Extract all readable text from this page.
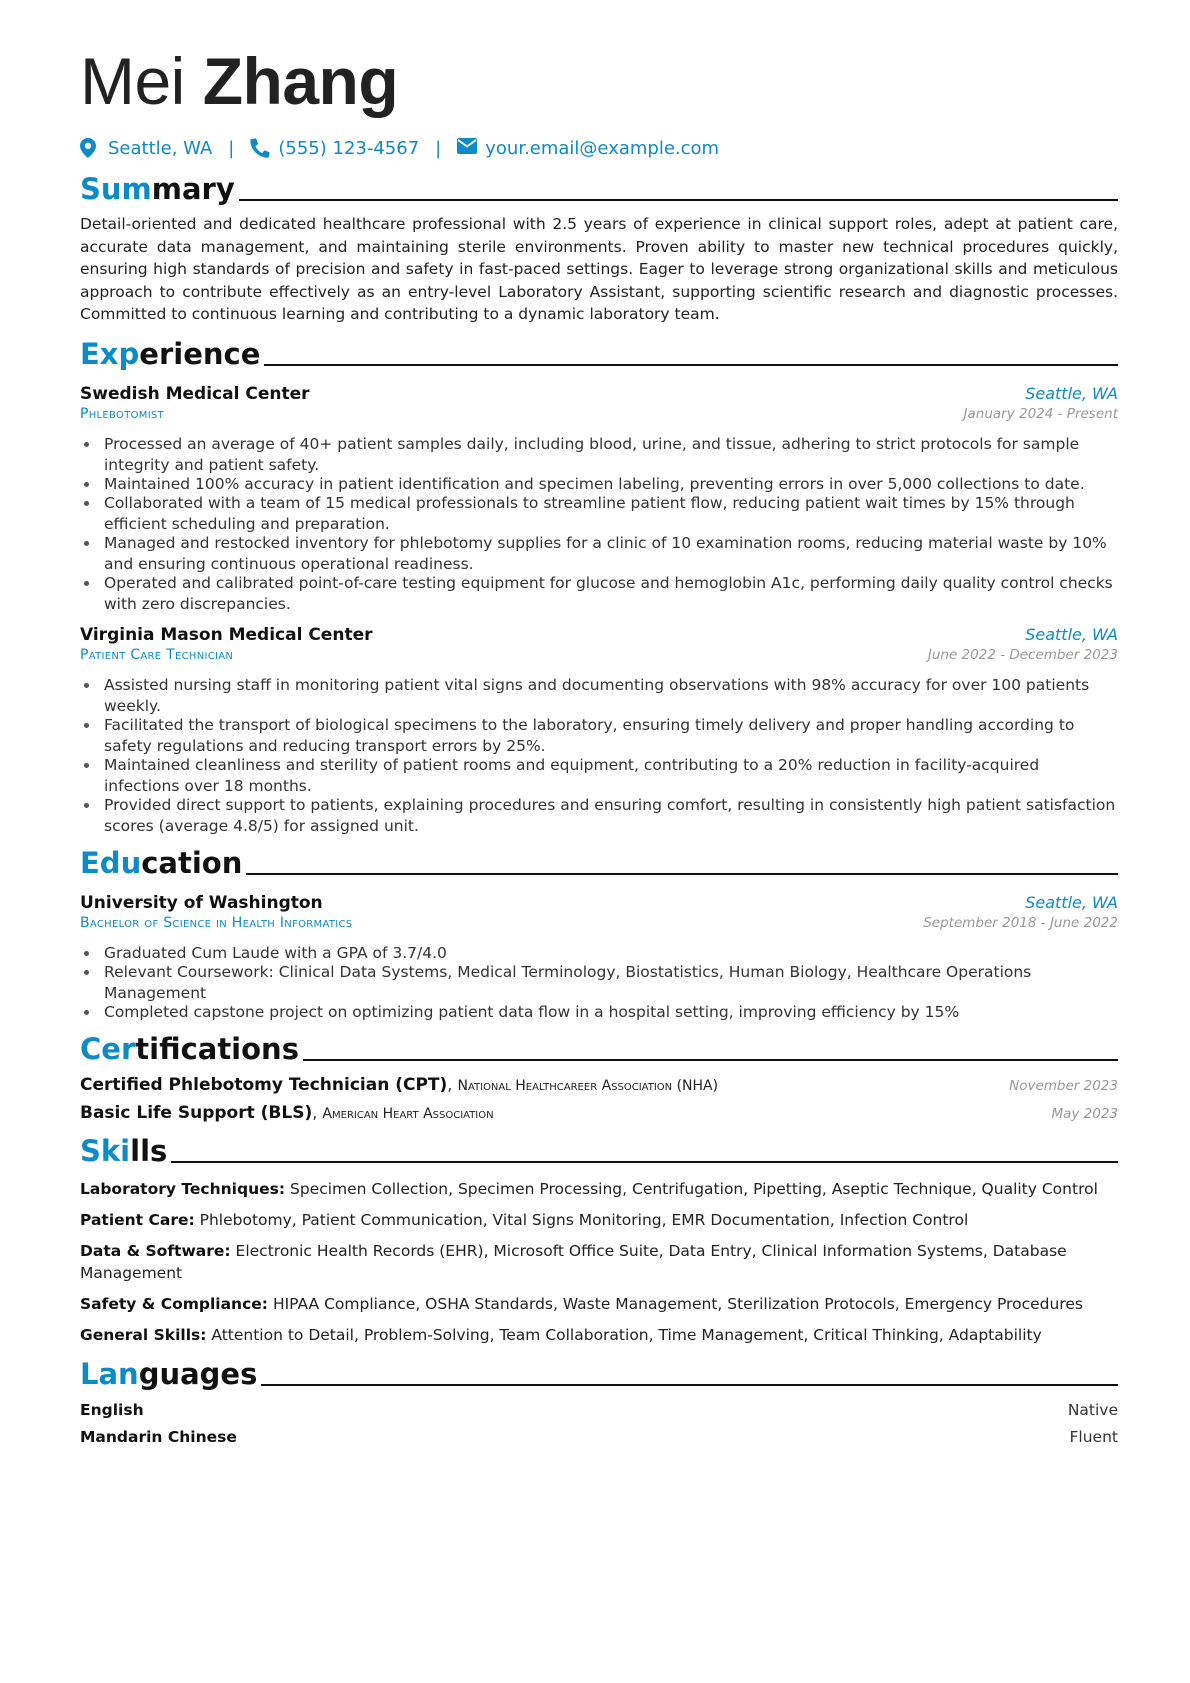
Mei Zhang
Seattle, WA | (555) 123-4567 | your.email@example.com
Summary
Detail-oriented and dedicated healthcare professional with 2.5 years of experience in clinical support roles, adept at patient care, accurate data management, and maintaining sterile environments. Proven ability to master new technical procedures quickly, ensuring high standards of precision and safety in fast-paced settings. Eager to leverage strong organizational skills and meticulous approach to contribute effectively as an entry-level Laboratory Assistant, supporting scientific research and diagnostic processes. Committed to continuous learning and contributing to a dynamic laboratory team.
Experience
Swedish Medical Center	Seattle, WA
Phlebotomist	January 2024 - Present
• Processed an average of 40+ patient samples daily, including blood, urine, and tissue, adhering to strict protocols for sample integrity and patient safety.
• Maintained 100% accuracy in patient identification and specimen labeling, preventing errors in over 5,000 collections to date.
• Collaborated with a team of 15 medical professionals to streamline patient flow, reducing patient wait times by 15% through efficient scheduling and preparation.
• Managed and restocked inventory for phlebotomy supplies for a clinic of 10 examination rooms, reducing material waste by 10% and ensuring continuous operational readiness.
• Operated and calibrated point-of-care testing equipment for glucose and hemoglobin A1c, performing daily quality control checks with zero discrepancies.
Virginia Mason Medical Center	Seattle, WA
Patient Care Technician	June 2022 - December 2023
• Assisted nursing staff in monitoring patient vital signs and documenting observations with 98% accuracy for over 100 patients weekly.
• Facilitated the transport of biological specimens to the laboratory, ensuring timely delivery and proper handling according to safety regulations and reducing transport errors by 25%.
• Maintained cleanliness and sterility of patient rooms and equipment, contributing to a 20% reduction in facility-acquired infections over 18 months.
• Provided direct support to patients, explaining procedures and ensuring comfort, resulting in consistently high patient satisfaction scores (average 4.8/5) for assigned unit.
Education
University of Washington	Seattle, WA
Bachelor of Science in Health Informatics	September 2018 - June 2022
• Graduated Cum Laude with a GPA of 3.7/4.0
• Relevant Coursework: Clinical Data Systems, Medical Terminology, Biostatistics, Human Biology, Healthcare Operations Management
• Completed capstone project on optimizing patient data flow in a hospital setting, improving efficiency by 15%
Certifications
Certified Phlebotomy Technician (CPT), National Healthcareer Association (NHA)	November 2023
Basic Life Support (BLS), American Heart Association	May 2023
Skills
Laboratory Techniques: Specimen Collection, Specimen Processing, Centrifugation, Pipetting, Aseptic Technique, Quality Control
Patient Care: Phlebotomy, Patient Communication, Vital Signs Monitoring, EMR Documentation, Infection Control
Data & Software: Electronic Health Records (EHR), Microsoft Office Suite, Data Entry, Clinical Information Systems, Database Management
Safety & Compliance: HIPAA Compliance, OSHA Standards, Waste Management, Sterilization Protocols, Emergency Procedures
General Skills: Attention to Detail, Problem-Solving, Team Collaboration, Time Management, Critical Thinking, Adaptability
Languages
English	Native
Mandarin Chinese	Fluent
